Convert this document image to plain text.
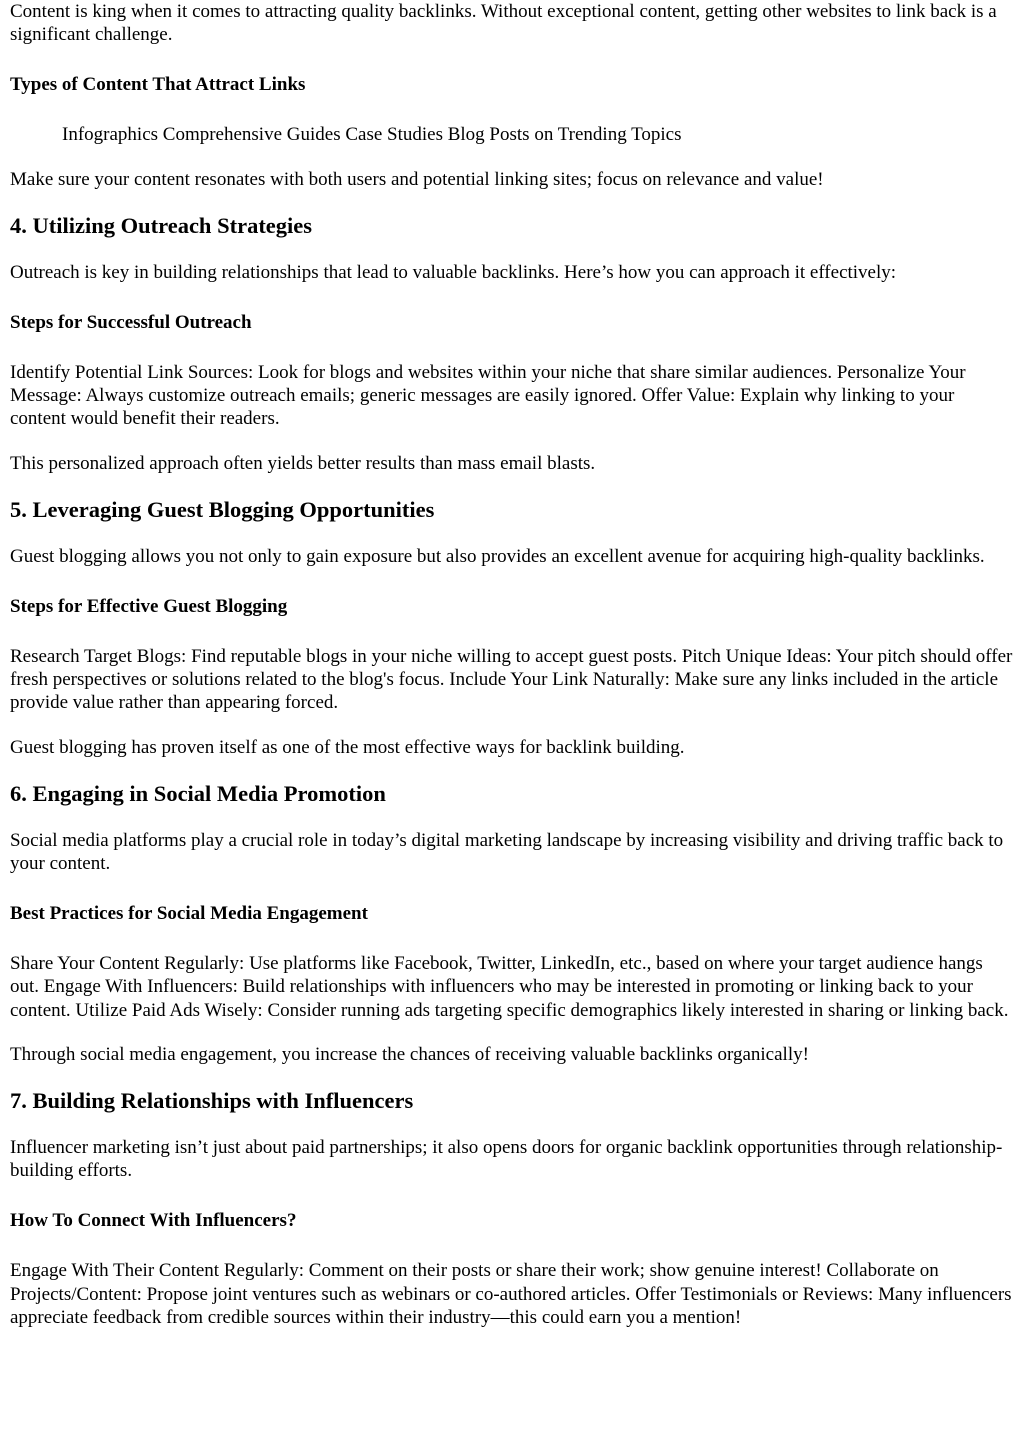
Content is king when it comes to attracting quality backlinks. Without exceptional content, getting other websites to link back is a significant challenge.

Types of Content That Attract Links

Infographics Comprehensive Guides Case Studies Blog Posts on Trending Topics

Make sure your content resonates with both users and potential linking sites; focus on relevance and value!

4. Utilizing Outreach Strategies

Outreach is key in building relationships that lead to valuable backlinks. Here’s how you can approach it effectively:

Steps for Successful Outreach

Identify Potential Link Sources: Look for blogs and websites within your niche that share similar audiences. Personalize Your Message: Always customize outreach emails; generic messages are easily ignored. Offer Value: Explain why linking to your content would benefit their readers.

This personalized approach often yields better results than mass email blasts.

5. Leveraging Guest Blogging Opportunities

Guest blogging allows you not only to gain exposure but also provides an excellent avenue for acquiring high-quality backlinks.

Steps for Effective Guest Blogging

Research Target Blogs: Find reputable blogs in your niche willing to accept guest posts. Pitch Unique Ideas: Your pitch should offer fresh perspectives or solutions related to the blog's focus. Include Your Link Naturally: Make sure any links included in the article provide value rather than appearing forced.

Guest blogging has proven itself as one of the most effective ways for backlink building.

6. Engaging in Social Media Promotion

Social media platforms play a crucial role in today’s digital marketing landscape by increasing visibility and driving traffic back to your content.

Best Practices for Social Media Engagement

Share Your Content Regularly: Use platforms like Facebook, Twitter, LinkedIn, etc., based on where your target audience hangs out. Engage With Influencers: Build relationships with influencers who may be interested in promoting or linking back to your content. Utilize Paid Ads Wisely: Consider running ads targeting specific demographics likely interested in sharing or linking back.

Through social media engagement, you increase the chances of receiving valuable backlinks organically!

7. Building Relationships with Influencers

Influencer marketing isn’t just about paid partnerships; it also opens doors for organic backlink opportunities through relationship-building efforts.

How To Connect With Influencers?

Engage With Their Content Regularly: Comment on their posts or share their work; show genuine interest! Collaborate on Projects/Content: Propose joint ventures such as webinars or co-authored articles. Offer Testimonials or Reviews: Many influencers appreciate feedback from credible sources within their industry—this could earn you a mention!
